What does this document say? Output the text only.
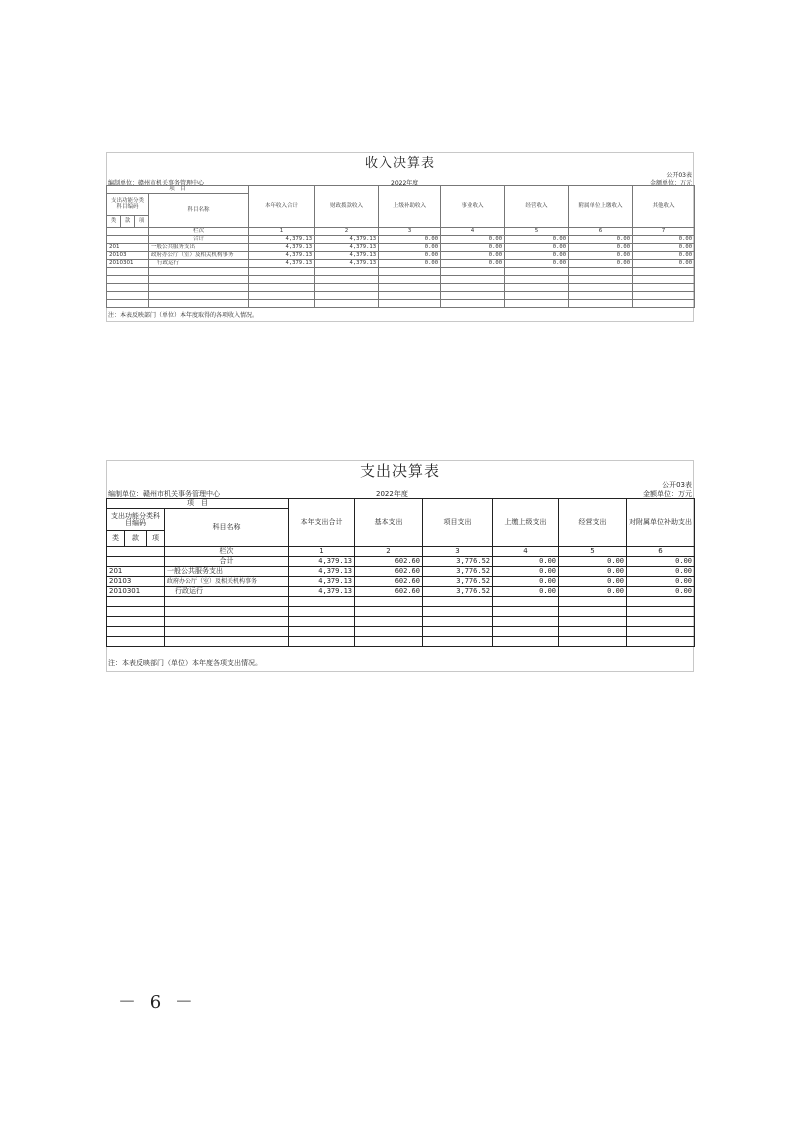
收入决算表
公开03表
编制单位：赣州市机关事务管理中心	2022年度	金额单位：万元
项　目				本年收入合计	财政拨款收入	上级补助收入	事业收入	经营收入	附属单位上缴收入	其他收入
支出功能分类科目编码			科目名称							
类	款	项								
			栏次	1	2	3	4	5	6	7
			合计	4,379.13	4,379.13	0.00	0.00	0.00	0.00	0.00
201			一般公共服务支出	4,379.13	4,379.13	0.00	0.00	0.00	0.00	0.00
20103			政府办公厅（室）及相关机构事务	4,379.13	4,379.13	0.00	0.00	0.00	0.00	0.00
2010301			行政运行	4,379.13	4,379.13	0.00	0.00	0.00	0.00	0.00

注：本表反映部门（单位）本年度取得的各项收入情况。
支出决算表
公开03表
编制单位：赣州市机关事务管理中心	2022年度	金额单位：万元
项　目				本年支出合计	基本支出	项目支出	上缴上级支出	经营支出	对附属单位补助支出
支出功能分类科目编码			科目名称						
类	款	项							
			栏次	1	2	3	4	5	6
			合计	4,379.13	602.60	3,776.52	0.00	0.00	0.00
201			一般公共服务支出	4,379.13	602.60	3,776.52	0.00	0.00	0.00
20103			政府办公厅（室）及相关机构事务	4,379.13	602.60	3,776.52	0.00	0.00	0.00
2010301			行政运行	4,379.13	602.60	3,776.52	0.00	0.00	0.00

注：本表反映部门（单位）本年度各项支出情况。
－ 6 －
